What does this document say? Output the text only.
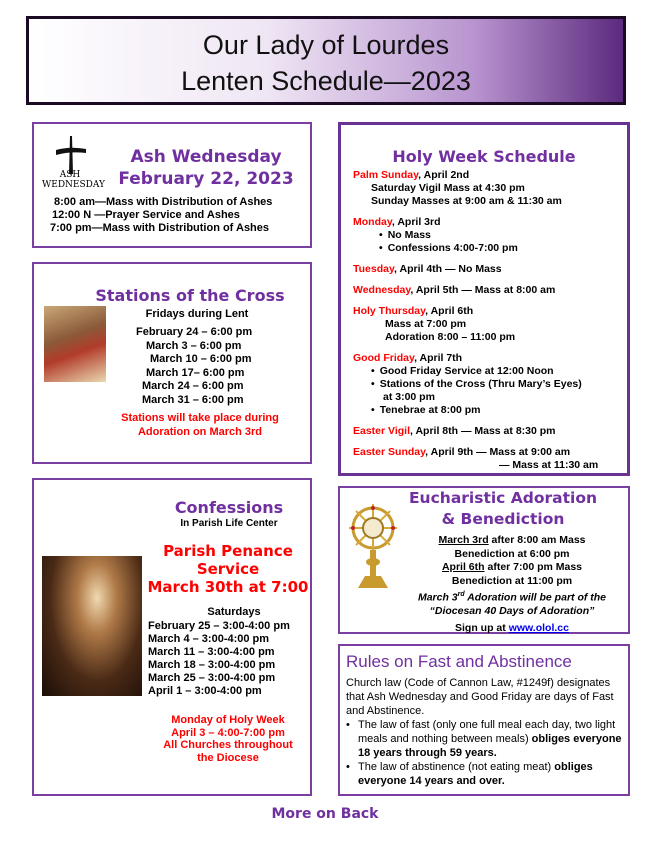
Our Lady of Lourdes
Lenten Schedule—2023
ASH
WEDNESDAY
Ash Wednesday
February 22, 2023
8:00 am—Mass with Distribution of Ashes
12:00 N —Prayer Service and Ashes
7:00 pm—Mass with Distribution of Ashes
Stations of the Cross
Fridays during Lent
February 24 – 6:00 pm
March 3 – 6:00 pm
March 10 – 6:00 pm
March 17– 6:00 pm
March 24 – 6:00 pm
March 31 – 6:00 pm
Stations will take place during
Adoration on March 3rd
Confessions
In Parish Life Center
Parish Penance
Service
March 30th at 7:00
Saturdays
February 25 – 3:00-4:00 pm
March 4 – 3:00-4:00 pm
March 11 – 3:00-4:00 pm
March 18 – 3:00-4:00 pm
March 25 – 3:00-4:00 pm
April 1 – 3:00-4:00 pm
Monday of Holy Week
April 3 – 4:00-7:00 pm
All Churches throughout
the Diocese
Holy Week Schedule
Palm Sunday, April 2nd
Saturday Vigil Mass at 4:30 pm
Sunday Masses at 9:00 am & 11:30 am
Monday, April 3rd
• No Mass
• Confessions 4:00-7:00 pm
Tuesday, April 4th — No Mass
Wednesday, April 5th — Mass at 8:00 am
Holy Thursday, April 6th
Mass at 7:00 pm
Adoration 8:00 – 11:00 pm
Good Friday, April 7th
• Good Friday Service at 12:00 Noon
• Stations of the Cross (Thru Mary’s Eyes)
at 3:00 pm
• Tenebrae at 8:00 pm
Easter Vigil, April 8th — Mass at 8:30 pm
Easter Sunday, April 9th — Mass at 9:00 am
— Mass at 11:30 am
Eucharistic Adoration
& Benediction
March 3rd after 8:00 am Mass
Benediction at 6:00 pm
April 6th after 7:00 pm Mass
Benediction at 11:00 pm
March 3rd Adoration will be part of the
“Diocesan 40 Days of Adoration”
Sign up at www.olol.cc
Rules on Fast and Abstinence
Church law (Code of Cannon Law, #1249f) designates that Ash Wednesday and Good Friday are days of Fast and Abstinence.
• The law of fast (only one full meal each day, two light meals and nothing between meals) obliges everyone 18 years through 59 years.
• The law of abstinence (not eating meat) obliges everyone 14 years and over.
More on Back
